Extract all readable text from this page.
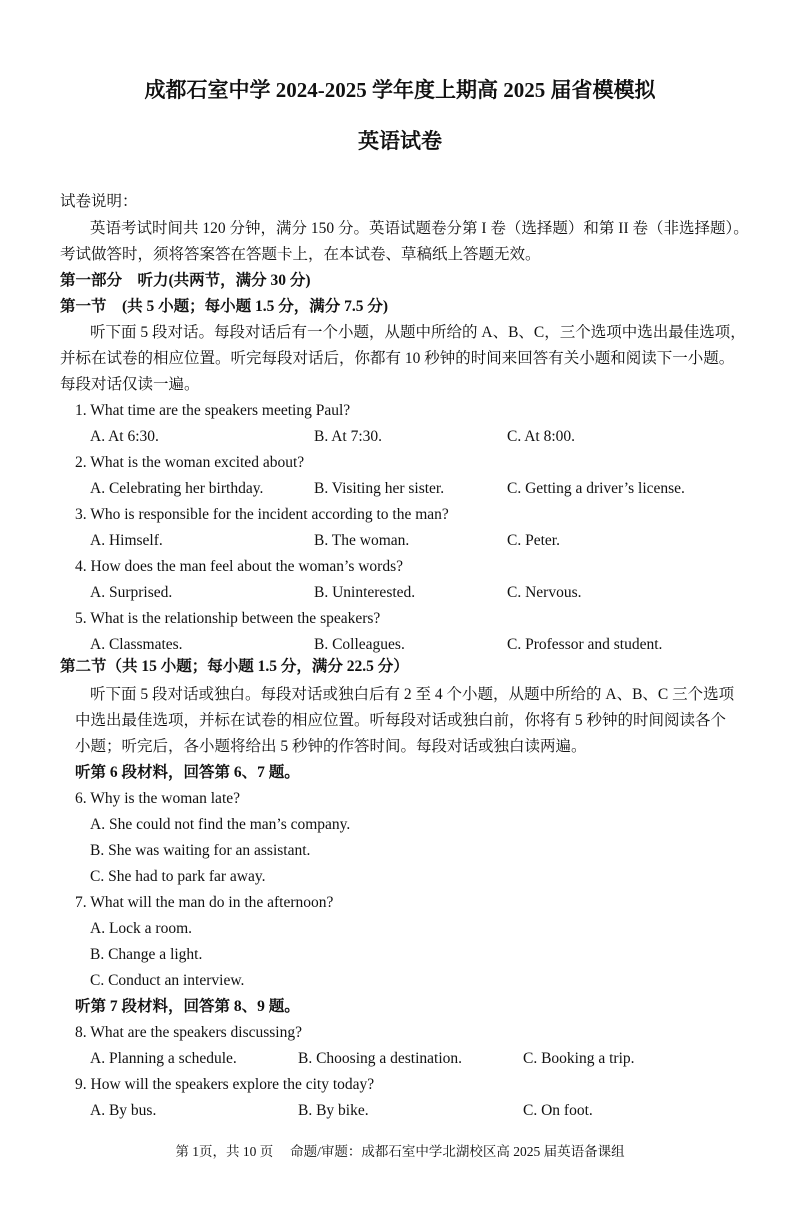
成都石室中学 2024-2025 学年度上期高 2025 届省模模拟
英语试卷
试卷说明：
英语考试时间共 120 分钟，满分 150 分。英语试题卷分第 I 卷（选择题）和第 II 卷（非选择题）。
考试做答时，须将答案答在答题卡上，在本试卷、草稿纸上答题无效。
第一部分　听力(共两节，满分 30 分)
第一节　(共 5 小题；每小题 1.5 分，满分 7.5 分)
听下面 5 段对话。每段对话后有一个小题，从题中所给的 A、B、C，三个选项中选出最佳选项，
并标在试卷的相应位置。听完每段对话后，你都有 10 秒钟的时间来回答有关小题和阅读下一小题。
每段对话仅读一遍。
1. What time are the speakers meeting Paul?
A. At 6:30.	B. At 7:30.	C. At 8:00.
2. What is the woman excited about?
A. Celebrating her birthday.	B. Visiting her sister.	C. Getting a driver’s license.
3. Who is responsible for the incident according to the man?
A. Himself.	B. The woman.	C. Peter.
4. How does the man feel about the woman’s words?
A. Surprised.	B. Uninterested.	C. Nervous.
5. What is the relationship between the speakers?
A. Classmates.	B. Colleagues.	C. Professor and student.
第二节（共 15 小题；每小题 1.5 分，满分 22.5 分）
听下面 5 段对话或独白。每段对话或独白后有 2 至 4 个小题，从题中所给的 A、B、C 三个选项
中选出最佳选项，并标在试卷的相应位置。听每段对话或独白前，你将有 5 秒钟的时间阅读各个
小题；听完后，各小题将给出 5 秒钟的作答时间。每段对话或独白读两遍。
听第 6 段材料，回答第 6、7 题。
6. Why is the woman late?
A. She could not find the man’s company.
B. She was waiting for an assistant.
C. She had to park far away.
7. What will the man do in the afternoon?
A. Lock a room.
B. Change a light.
C. Conduct an interview.
听第 7 段材料，回答第 8、9 题。
8. What are the speakers discussing?
A. Planning a schedule.	B. Choosing a destination.	C. Booking a trip.
9. How will the speakers explore the city today?
A. By bus.	B. By bike.	C. On foot.
第 1页，共 10 页　 命题/审题：成都石室中学北湖校区高 2025 届英语备课组
